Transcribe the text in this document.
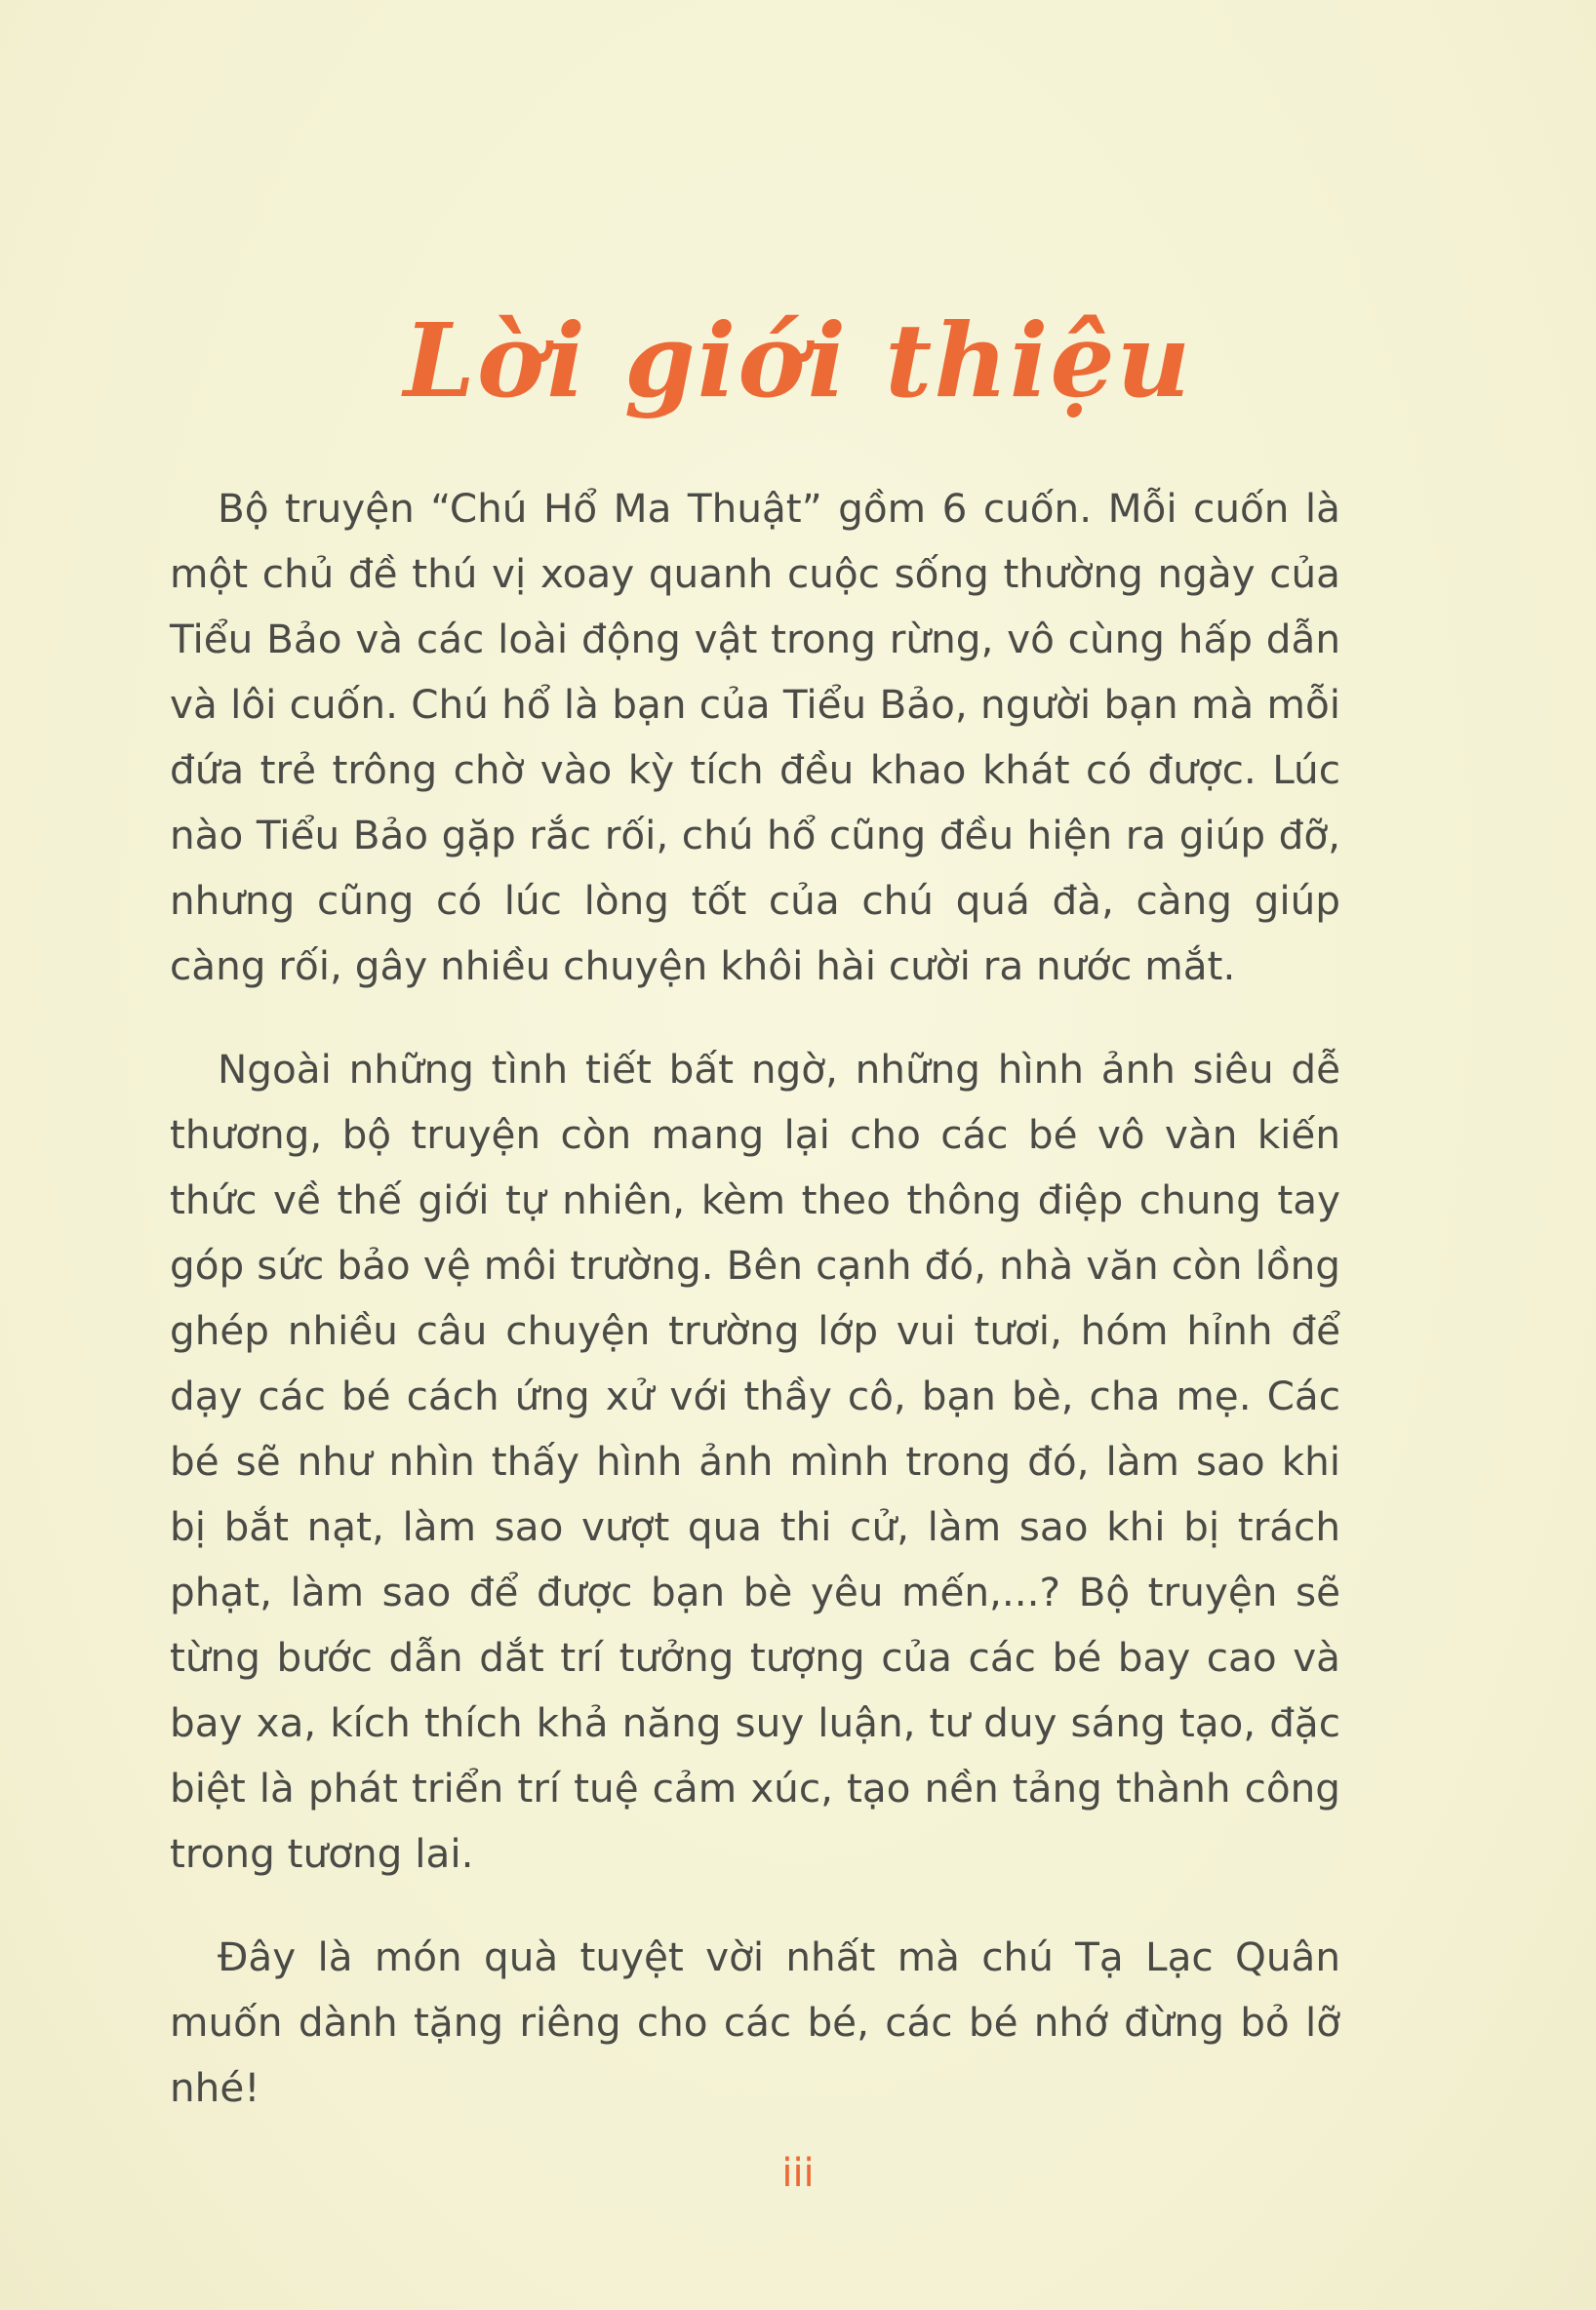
Lời giới thiệu

Bộ truyện “Chú Hổ Ma Thuật” gồm 6 cuốn. Mỗi cuốn là một chủ đề thú vị xoay quanh cuộc sống thường ngày của Tiểu Bảo và các loài động vật trong rừng, vô cùng hấp dẫn và lôi cuốn. Chú hổ là bạn của Tiểu Bảo, người bạn mà mỗi đứa trẻ trông chờ vào kỳ tích đều khao khát có được. Lúc nào Tiểu Bảo gặp rắc rối, chú hổ cũng đều hiện ra giúp đỡ, nhưng cũng có lúc lòng tốt của chú quá đà, càng giúp càng rối, gây nhiều chuyện khôi hài cười ra nước mắt.

Ngoài những tình tiết bất ngờ, những hình ảnh siêu dễ thương, bộ truyện còn mang lại cho các bé vô vàn kiến thức về thế giới tự nhiên, kèm theo thông điệp chung tay góp sức bảo vệ môi trường. Bên cạnh đó, nhà văn còn lồng ghép nhiều câu chuyện trường lớp vui tươi, hóm hỉnh để dạy các bé cách ứng xử với thầy cô, bạn bè, cha mẹ. Các bé sẽ như nhìn thấy hình ảnh mình trong đó, làm sao khi bị bắt nạt, làm sao vượt qua thi cử, làm sao khi bị trách phạt, làm sao để được bạn bè yêu mến,...? Bộ truyện sẽ từng bước dẫn dắt trí tưởng tượng của các bé bay cao và bay xa, kích thích khả năng suy luận, tư duy sáng tạo, đặc biệt là phát triển trí tuệ cảm xúc, tạo nền tảng thành công trong tương lai.

Đây là món quà tuyệt vời nhất mà chú Tạ Lạc Quân muốn dành tặng riêng cho các bé, các bé nhớ đừng bỏ lỡ nhé!

iii
